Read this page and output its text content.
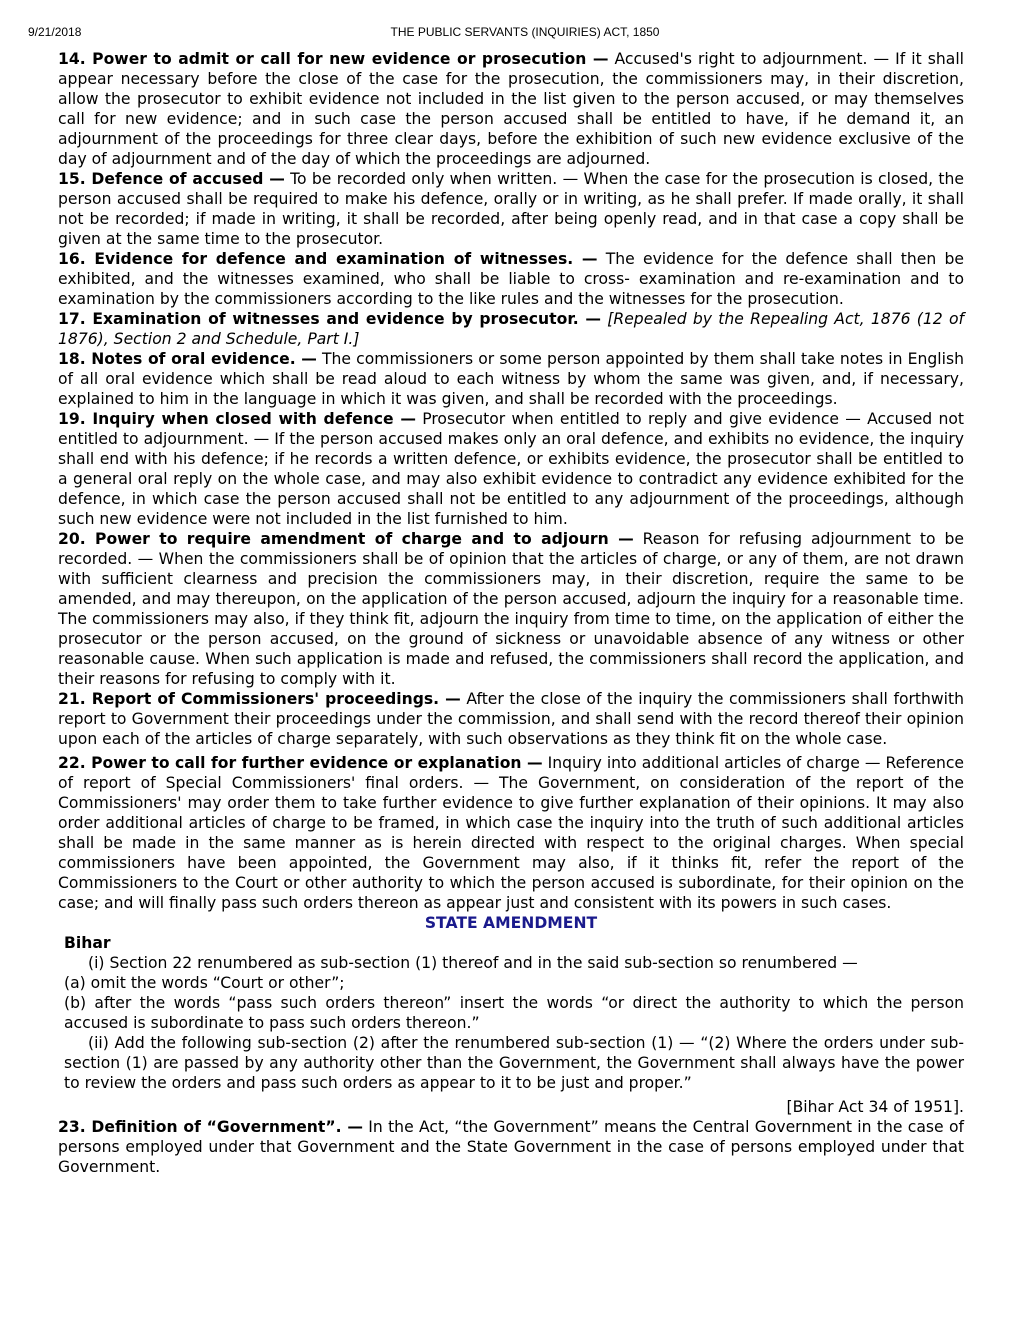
9/21/2018	THE PUBLIC SERVANTS (INQUIRIES) ACT, 1850

14. Power to admit or call for new evidence or prosecution — Accused's right to adjournment. — If it shall appear necessary before the close of the case for the prosecution, the commissioners may, in their discretion, allow the prosecutor to exhibit evidence not included in the list given to the person accused, or may themselves call for new evidence; and in such case the person accused shall be entitled to have, if he demand it, an adjournment of the proceedings for three clear days, before the exhibition of such new evidence exclusive of the day of adjournment and of the day of which the proceedings are adjourned.

15. Defence of accused — To be recorded only when written. — When the case for the prosecution is closed, the person accused shall be required to make his defence, orally or in writing, as he shall prefer. If made orally, it shall not be recorded; if made in writing, it shall be recorded, after being openly read, and in that case a copy shall be given at the same time to the prosecutor.

16. Evidence for defence and examination of witnesses. — The evidence for the defence shall then be exhibited, and the witnesses examined, who shall be liable to cross- examination and re-examination and to examination by the commissioners according to the like rules and the witnesses for the prosecution.

17. Examination of witnesses and evidence by prosecutor. — [Repealed by the Repealing Act, 1876 (12 of 1876), Section 2 and Schedule, Part I.]

18. Notes of oral evidence. — The commissioners or some person appointed by them shall take notes in English of all oral evidence which shall be read aloud to each witness by whom the same was given, and, if necessary, explained to him in the language in which it was given, and shall be recorded with the proceedings.

19. Inquiry when closed with defence — Prosecutor when entitled to reply and give evidence — Accused not entitled to adjournment. — If the person accused makes only an oral defence, and exhibits no evidence, the inquiry shall end with his defence; if he records a written defence, or exhibits evidence, the prosecutor shall be entitled to a general oral reply on the whole case, and may also exhibit evidence to contradict any evidence exhibited for the defence, in which case the person accused shall not be entitled to any adjournment of the proceedings, although such new evidence were not included in the list furnished to him.

20. Power to require amendment of charge and to adjourn — Reason for refusing adjournment to be recorded. — When the commissioners shall be of opinion that the articles of charge, or any of them, are not drawn with sufficient clearness and precision the commissioners may, in their discretion, require the same to be amended, and may thereupon, on the application of the person accused, adjourn the inquiry for a reasonable time. The commissioners may also, if they think fit, adjourn the inquiry from time to time, on the application of either the prosecutor or the person accused, on the ground of sickness or unavoidable absence of any witness or other reasonable cause. When such application is made and refused, the commissioners shall record the application, and their reasons for refusing to comply with it.

21. Report of Commissioners' proceedings. — After the close of the inquiry the commissioners shall forthwith report to Government their proceedings under the commission, and shall send with the record thereof their opinion upon each of the articles of charge separately, with such observations as they think fit on the whole case.

22. Power to call for further evidence or explanation — Inquiry into additional articles of charge — Reference of report of Special Commissioners' final orders. — The Government, on consideration of the report of the Commissioners' may order them to take further evidence to give further explanation of their opinions. It may also order additional articles of charge to be framed, in which case the inquiry into the truth of such additional articles shall be made in the same manner as is herein directed with respect to the original charges. When special commissioners have been appointed, the Government may also, if it thinks fit, refer the report of the Commissioners to the Court or other authority to which the person accused is subordinate, for their opinion on the case; and will finally pass such orders thereon as appear just and consistent with its powers in such cases.

STATE AMENDMENT

Bihar

(i) Section 22 renumbered as sub-section (1) thereof and in the said sub-section so renumbered —

(a) omit the words “Court or other”;

(b) after the words “pass such orders thereon” insert the words “or direct the authority to which the person accused is subordinate to pass such orders thereon.”

(ii) Add the following sub-section (2) after the renumbered sub-section (1) — “(2) Where the orders under sub-section (1) are passed by any authority other than the Government, the Government shall always have the power to review the orders and pass such orders as appear to it to be just and proper.”

[Bihar Act 34 of 1951].

23. Definition of “Government”. — In the Act, “the Government” means the Central Government in the case of persons employed under that Government and the State Government in the case of persons employed under that Government.
